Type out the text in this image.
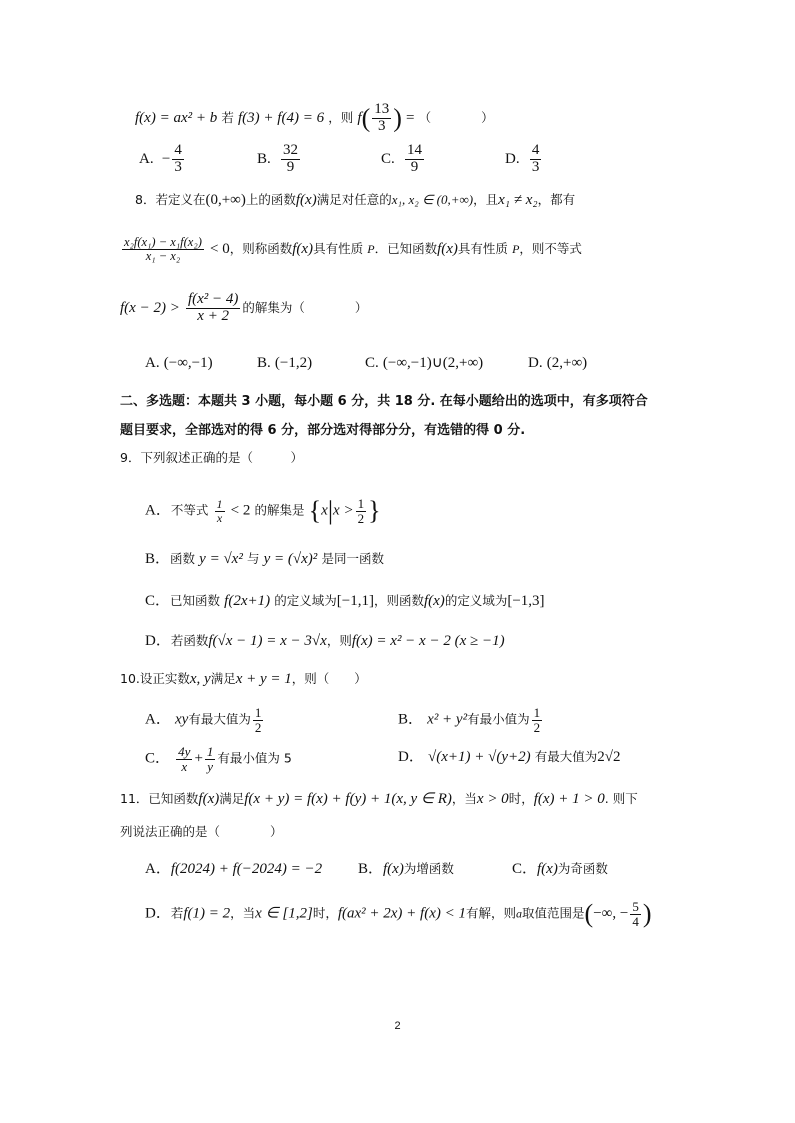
f(x) = ax² + b 若 f(3) + f(4) = 6 ，则 $f( \frac{13}{3}$ ) = （　　　　）
A. − $\frac{4}{3}$	B. $\frac{32}{9}$	C. $\frac{14}{9}$	D. $\frac{4}{3}$
8．若定义在(0,+∞)上的函数f(x)满足对任意的x₁, x₂ ∈ (0,+∞)，且x₁ ≠ x₂，都有
$\frac{\text{x₂f(x₁) − x₁f(x₂)}}{\text{x₁ − x₂}} < 0$，则称函数f(x)具有性质 P．已知函数f(x)具有性质 P，则不等式
$f(x - 2) > \frac{\text{f(x² − 4)}}{x + 2}$ 的解集为（　　　　）
A. (−∞,−1)	B. (−1,2)	C. (−∞,−1)∪(2,+∞)	D. (2,+∞)
二、多选题：本题共 3 小题，每小题 6 分，共 18 分. 在每小题给出的选项中，有多项符合
题目要求，全部选对的得 6 分，部分选对得部分分，有选错的得 0 分.
9．下列叙述正确的是（　　　）
A．不等式 $\frac{1}{x} < 2$ 的解集是 {$x|x > \frac{1}{2}$ }
B．函数 y = √x² 与 y = (√x)² 是同一函数
C．已知函数 f(2x+1) 的定义域为[−1,1]，则函数f(x)的定义域为[−1,3]
D．若函数f(√x − 1) = x − 3√x，则f(x) = x² − x − 2 (x ≥ −1)
10.设正实数x, y满足x + y = 1，则（　　）
A． xy有最大值为 $\frac{1}{2}$	B． x² + y²有最小值为 $\frac{1}{2}$
C． $\frac{4y}{x} + \frac{1}{y}$ 有最小值为 5	D． √(x+1) + √(y+2) 有最大值为2√2
11．已知函数f(x)满足f(x + y) = f(x) + f(y) + 1(x, y ∈ R)，当x > 0时，f(x) + 1 > 0. 则下
列说法正确的是（　　　　）
A．f(2024) + f(−2024) = −2 B．f(x)为增函数	C．f(x)为奇函数
D．若f(1) = 2，当x ∈ [1,2]时，f(ax² + 2x) + f(x) < 1有解，则a取值范围是(−∞, − $\frac{5}{4}$ )
2
